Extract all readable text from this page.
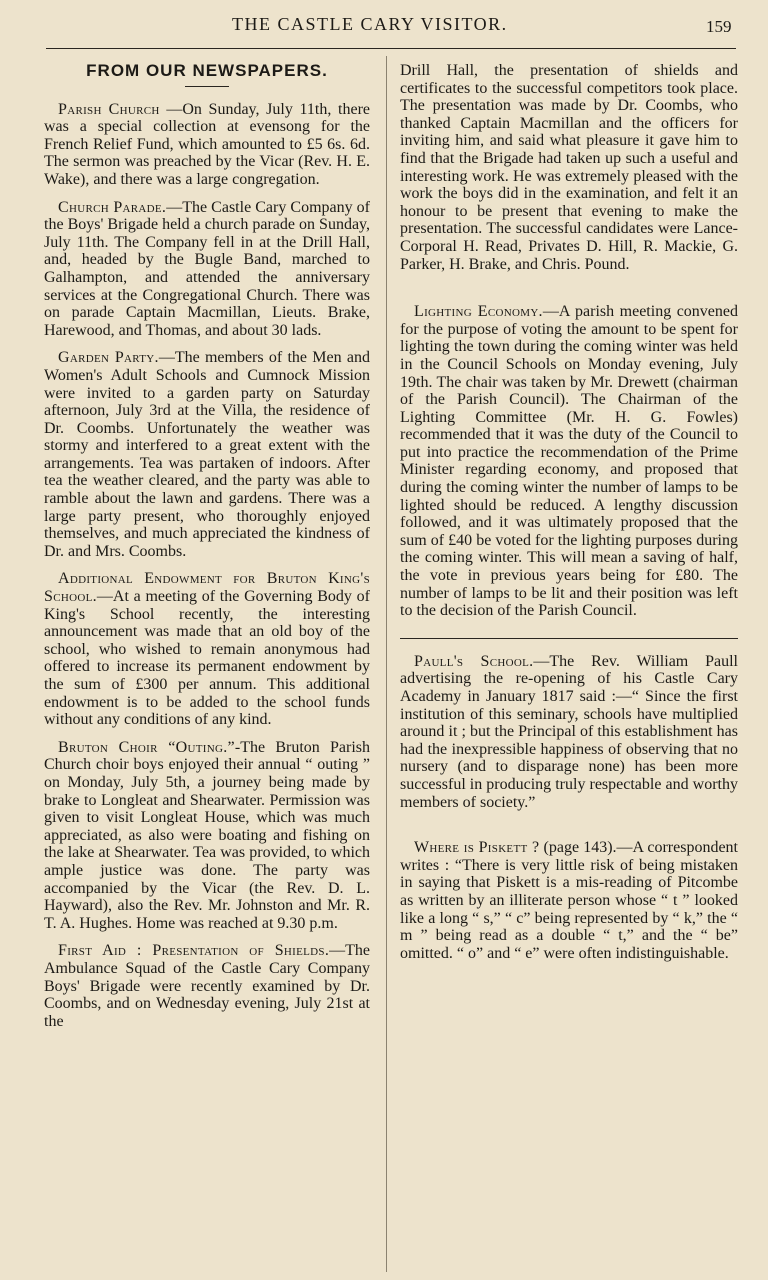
THE CASTLE CARY VISITOR.	159
FROM OUR NEWSPAPERS.

Parish Church —On Sunday, July 11th, there was a special collection at evensong for the French Relief Fund, which amounted to £5 6s. 6d. The sermon was preached by the Vicar (Rev. H. E. Wake), and there was a large congregation.

Church Parade.—The Castle Cary Company of the Boys' Brigade held a church parade on Sunday, July 11th. The Company fell in at the Drill Hall, and, headed by the Bugle Band, marched to Galhampton, and attended the anniversary services at the Congregational Church. There was on parade Captain Macmillan, Lieuts. Brake, Harewood, and Thomas, and about 30 lads.

Garden Party.—The members of the Men and Women's Adult Schools and Cumnock Mission were invited to a garden party on Saturday afternoon, July 3rd at the Villa, the residence of Dr. Coombs. Unfortunately the weather was stormy and interfered to a great extent with the arrangements. Tea was partaken of indoors. After tea the weather cleared, and the party was able to ramble about the lawn and gardens. There was a large party present, who thoroughly enjoyed themselves, and much appreciated the kindness of Dr. and Mrs. Coombs.

Additional Endowment for Bruton King's School.—At a meeting of the Governing Body of King's School recently, the interesting announcement was made that an old boy of the school, who wished to remain anonymous had offered to increase its permanent endowment by the sum of £300 per annum. This additional endowment is to be added to the school funds without any conditions of any kind.

Bruton Choir “Outing.”-The Bruton Parish Church choir boys enjoyed their annual “ outing ” on Monday, July 5th, a journey being made by brake to Longleat and Shearwater. Permission was given to visit Longleat House, which was much appreciated, as also were boating and fishing on the lake at Shearwater. Tea was provided, to which ample justice was done. The party was accompanied by the Vicar (the Rev. D. L. Hayward), also the Rev. Mr. Johnston and Mr. R. T. A. Hughes. Home was reached at 9.30 p.m.

First Aid : Presentation of Shields.—The Ambulance Squad of the Castle Cary Company Boys' Brigade were recently examined by Dr. Coombs, and on Wednesday evening, July 21st at the

Drill Hall, the presentation of shields and certificates to the successful competitors took place. The presentation was made by Dr. Coombs, who thanked Captain Macmillan and the officers for inviting him, and said what pleasure it gave him to find that the Brigade had taken up such a useful and interesting work. He was extremely pleased with the work the boys did in the examination, and felt it an honour to be present that evening to make the presentation. The successful candidates were Lance-Corporal H. Read, Privates D. Hill, R. Mackie, G. Parker, H. Brake, and Chris. Pound.

Lighting Economy.—A parish meeting convened for the purpose of voting the amount to be spent for lighting the town during the coming winter was held in the Council Schools on Monday evening, July 19th. The chair was taken by Mr. Drewett (chairman of the Parish Council). The Chairman of the Lighting Committee (Mr. H. G. Fowles) recommended that it was the duty of the Council to put into practice the recommendation of the Prime Minister regarding economy, and proposed that during the coming winter the number of lamps to be lighted should be reduced. A lengthy discussion followed, and it was ultimately proposed that the sum of £40 be voted for the lighting purposes during the coming winter. This will mean a saving of half, the vote in previous years being for £80. The number of lamps to be lit and their position was left to the decision of the Parish Council.

Paull's School.—The Rev. William Paull advertising the re-opening of his Castle Cary Academy in January 1817 said :—“ Since the first institution of this seminary, schools have multiplied around it ; but the Principal of this establishment has had the inexpressible happiness of observing that no nursery (and to disparage none) has been more successful in producing truly respectable and worthy members of society.”

Where is Piskett ? (page 143).—A correspondent writes : “There is very little risk of being mistaken in saying that Piskett is a mis-reading of Pitcombe as written by an illiterate person whose “ t ” looked like a long “ s,” “ c” being represented by “ k,” the “ m ” being read as a double “ t,” and the “ be” omitted. “ o” and “ e” were often indistinguishable.
